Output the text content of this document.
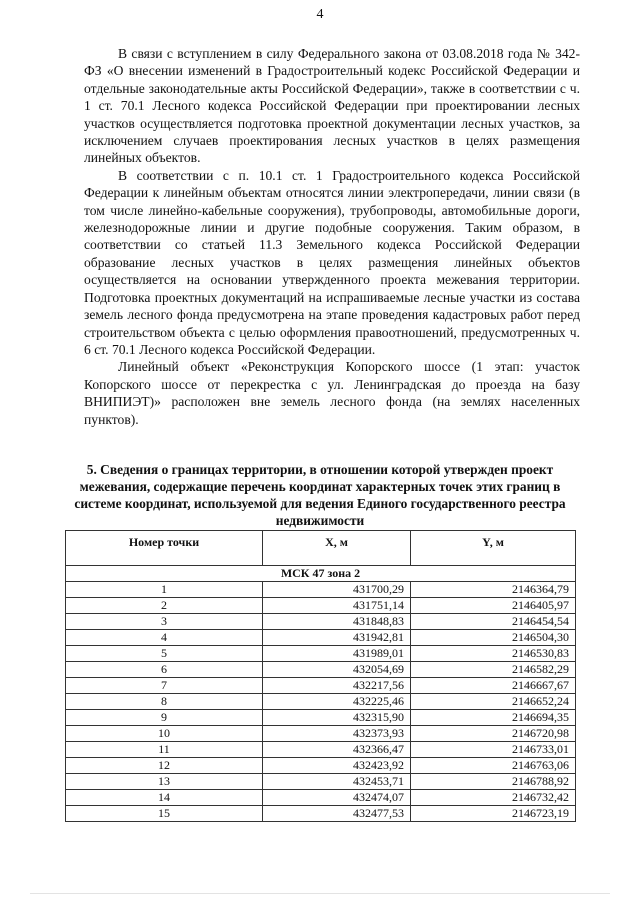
4

В связи с вступлением в силу Федерального закона от 03.08.2018 года № 342-ФЗ «О внесении изменений в Градостроительный кодекс Российской Федерации и отдельные законодательные акты Российской Федерации», также в соответствии с ч. 1 ст. 70.1 Лесного кодекса Российской Федерации при проектировании лесных участков осуществляется подготовка проектной документации лесных участков, за исключением случаев проектирования лесных участков в целях размещения линейных объектов.

В соответствии с п. 10.1 ст. 1 Градостроительного кодекса Российской Федерации к линейным объектам относятся линии электропередачи, линии связи (в том числе линейно-кабельные сооружения), трубопроводы, автомобильные дороги, железнодорожные линии и другие подобные сооружения. Таким образом, в соответствии со статьей 11.3 Земельного кодекса Российской Федерации образование лесных участков в целях размещения линейных объектов осуществляется на основании утвержденного проекта межевания территории. Подготовка проектных документаций на испрашиваемые лесные участки из состава земель лесного фонда предусмотрена на этапе проведения кадастровых работ перед строительством объекта с целью оформления правоотношений, предусмотренных ч. 6 ст. 70.1 Лесного кодекса Российской Федерации.

Линейный объект «Реконструкция Копорского шоссе (1 этап: участок Копорского шоссе от перекрестка с ул. Ленинградская до проезда на базу ВНИПИЭТ)» расположен вне земель лесного фонда (на землях населенных пунктов).

5. Сведения о границах территории, в отношении которой утвержден проект межевания, содержащие перечень координат характерных точек этих границ в системе координат, используемой для ведения Единого государственного реестра недвижимости
Номер точки	X, м	Y, м
МСК 47 зона 2		
1	431700,29	2146364,79
2	431751,14	2146405,97
3	431848,83	2146454,54
4	431942,81	2146504,30
5	431989,01	2146530,83
6	432054,69	2146582,29
7	432217,56	2146667,67
8	432225,46	2146652,24
9	432315,90	2146694,35
10	432373,93	2146720,98
11	432366,47	2146733,01
12	432423,92	2146763,06
13	432453,71	2146788,92
14	432474,07	2146732,42
15	432477,53	2146723,19
